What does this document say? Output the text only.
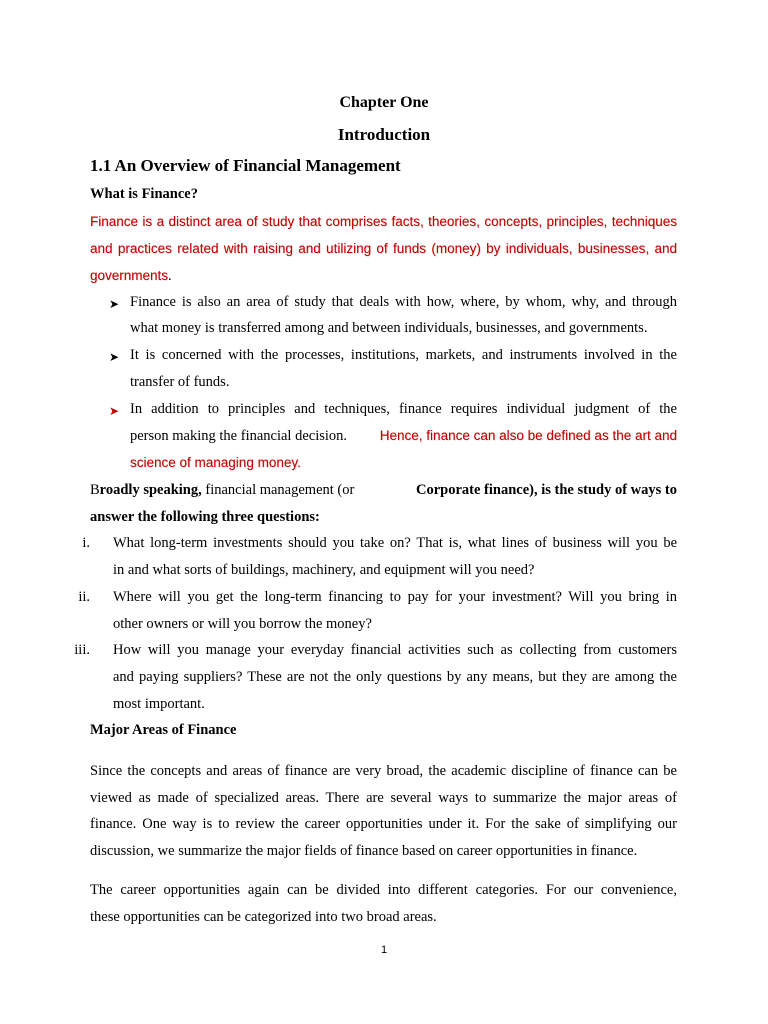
Chapter One
Introduction
1.1 An Overview of Financial Management
What is Finance?
Finance is a distinct area of study that comprises facts, theories, concepts, principles, techniques
and practices related with raising and utilizing of funds (money) by individuals, businesses, and
governments.
➤ Finance is also an area of study that deals with how, where, by whom, why, and through
what money is transferred among and between individuals, businesses, and governments.
➤ It is concerned with the processes, institutions, markets, and instruments involved in the
transfer of funds.
➤ In addition to principles and techniques, finance requires individual judgment of the
person making the financial decision. Hence, finance can also be defined as the art and
science of managing money.
Broadly speaking, financial management (or	Corporate finance), is the study of ways to
answer the following three questions:
i. What long-term investments should you take on? That is, what lines of business will you be
in and what sorts of buildings, machinery, and equipment will you need?
ii. Where will you get the long-term financing to pay for your investment? Will you bring in
other owners or will you borrow the money?
iii. How will you manage your everyday financial activities such as collecting from customers
and paying suppliers? These are not the only questions by any means, but they are among the
most important.
Major Areas of Finance
Since the concepts and areas of finance are very broad, the academic discipline of finance can be
viewed as made of specialized areas. There are several ways to summarize the major areas of
finance. One way is to review the career opportunities under it. For the sake of simplifying our
discussion, we summarize the major fields of finance based on career opportunities in finance.
The career opportunities again can be divided into different categories. For our convenience,
these opportunities can be categorized into two broad areas.
1
